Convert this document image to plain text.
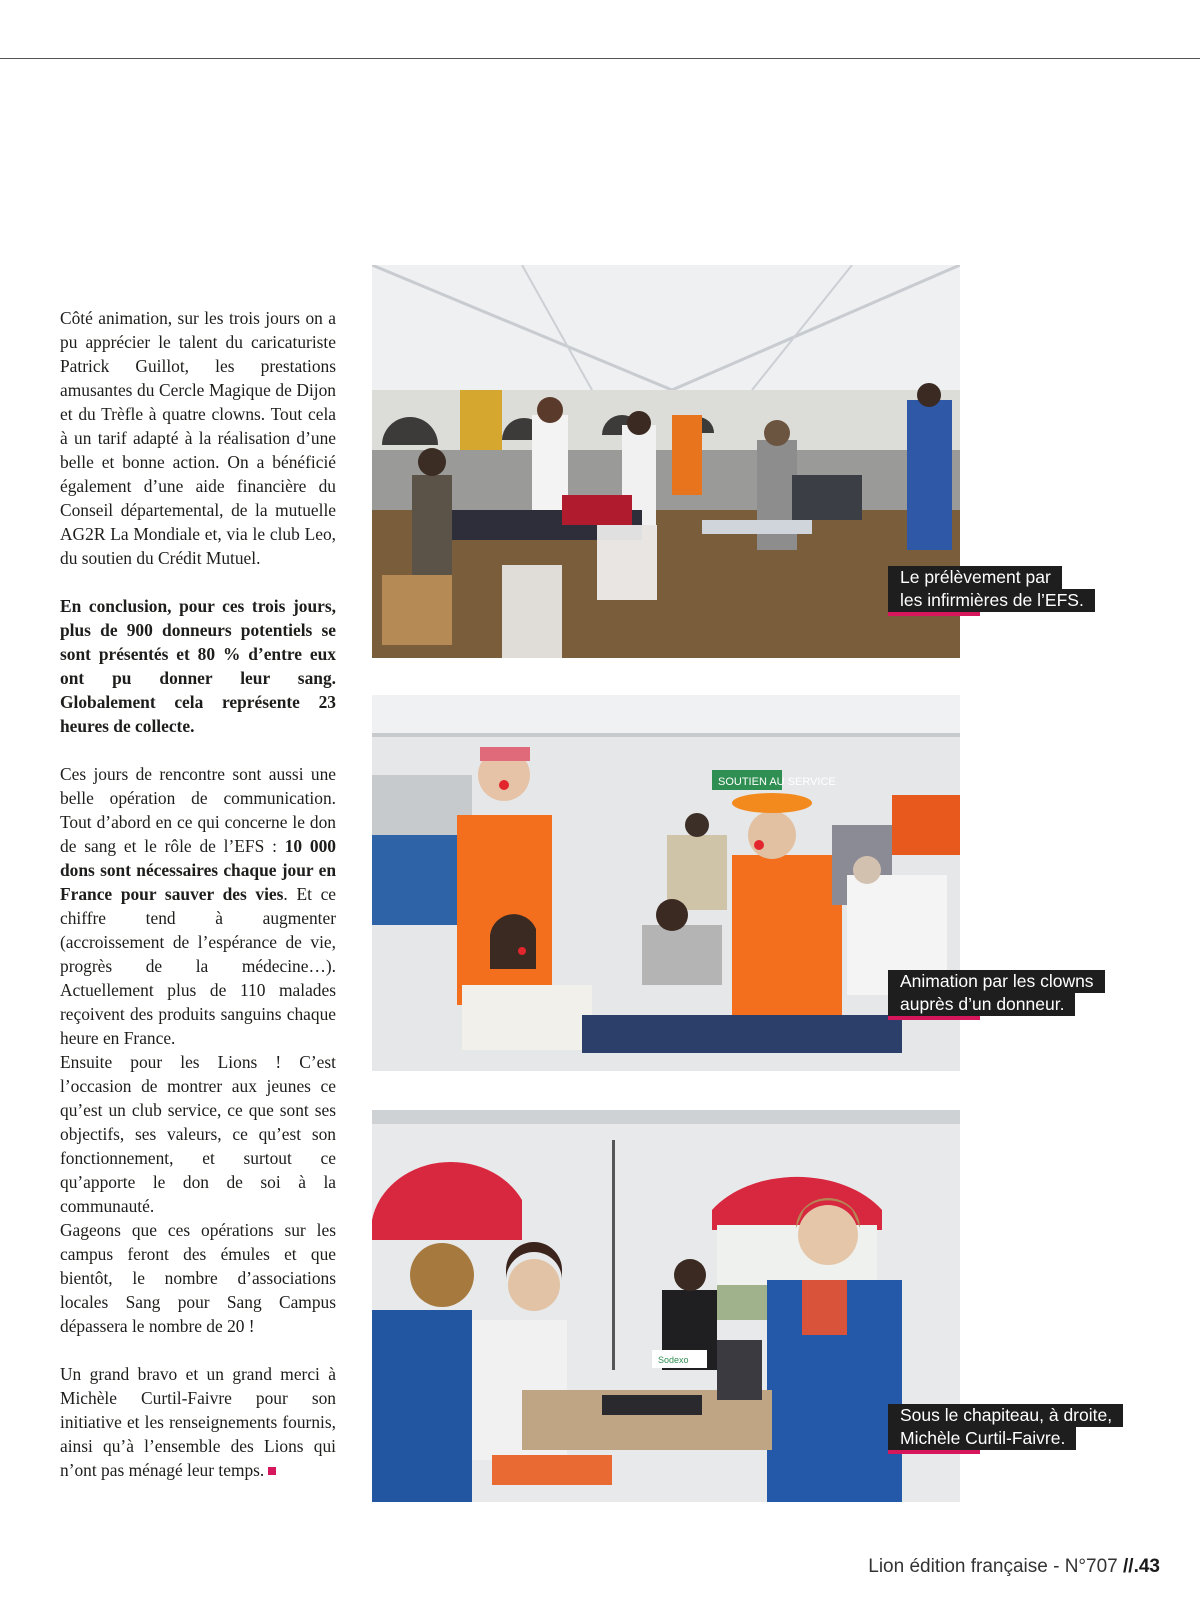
Côté animation, sur les trois jours on a pu apprécier le talent du caricaturiste Patrick Guillot, les prestations amusantes du Cercle Magique de Dijon et du Trèfle à quatre clowns. Tout cela à un tarif adapté à la réalisation d’une belle et bonne action. On a bénéficié également d’une aide financière du Conseil départemental, de la mutuelle AG2R La Mondiale et, via le club Leo, du soutien du Crédit Mutuel.

En conclusion, pour ces trois jours, plus de 900 donneurs potentiels se sont présentés et 80 % d’entre eux ont pu donner leur sang. Globalement cela représente 23 heures de collecte.

Ces jours de rencontre sont aussi une belle opération de communication. Tout d’abord en ce qui concerne le don de sang et le rôle de l’EFS : 10 000 dons sont nécessaires chaque jour en France pour sauver des vies. Et ce chiffre tend à augmenter (accroissement de l’espérance de vie, progrès de la médecine…). Actuellement plus de 110 malades reçoivent des produits sanguins chaque heure en France.

Ensuite pour les Lions ! C’est l’occasion de montrer aux jeunes ce qu’est un club service, ce que sont ses objectifs, ses valeurs, ce qu’est son fonctionnement, et surtout ce qu’apporte le don de soi à la communauté.

Gageons que ces opérations sur les campus feront des émules et que bientôt, le nombre d’associations locales Sang pour Sang Campus dépassera le nombre de 20 !

Un grand bravo et un grand merci à Michèle Curtil-Faivre pour son initiative et les renseignements fournis, ainsi qu’à l’ensemble des Lions qui n’ont pas ménagé leur temps.

SOUTIEN AU SERVICE
Sodexo
Le prélèvement par
les infirmières de l’EFS.
Animation par les clowns
auprès d’un donneur.
Sous le chapiteau, à droite,
Michèle Curtil-Faivre.
Lion édition française - N°707 //.43
